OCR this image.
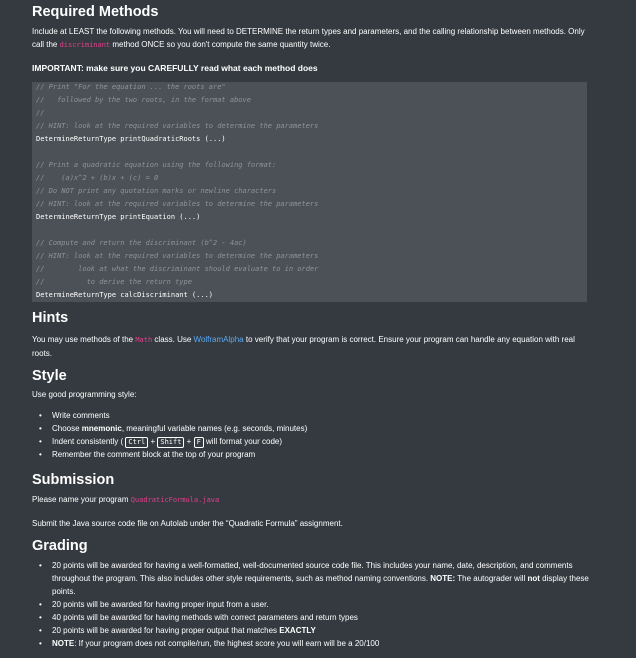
Required Methods

Include at LEAST the following methods. You will need to DETERMINE the return types and parameters, and the calling relationship between methods. Only call the discriminant method ONCE so you don't compute the same quantity twice.

IMPORTANT: make sure you CAREFULLY read what each method does

// Print "For the equation ... the roots are"
//   followed by the two roots, in the format above
//
// HINT: look at the required variables to determine the parameters
DetermineReturnType printQuadraticRoots (...)
// Print a quadratic equation using the following format:
//    (a)x^2 + (b)x + (c) = 0
// Do NOT print any quotation marks or newline characters
// HINT: look at the required variables to determine the parameters
DetermineReturnType printEquation (...)
// Compute and return the discriminant (b^2 - 4ac)
// HINT: look at the required variables to determine the parameters
//        look at what the discriminant should evaluate to in order
//          to derive the return type
DetermineReturnType calcDiscriminant (...)
Hints

You may use methods of the Math class. Use WolframAlpha to verify that your program is correct. Ensure your program can handle any equation with real roots.

Style

Use good programming style:

• Write comments
• Choose mnemonic, meaningful variable names (e.g. seconds, minutes)
• Indent consistently ( Ctrl + Shift + F will format your code)
• Remember the comment block at the top of your program
Submission

Please name your program QuadraticFormula.java

Submit the Java source code file on Autolab under the “Quadratic Formula” assignment.

Grading
• 20 points will be awarded for having a well-formatted, well-documented source code file. This includes your name, date, description, and comments throughout the program. This also includes other style requirements, such as method naming conventions. NOTE: The autograder will not display these points.
• 20 points will be awarded for having proper input from a user.
• 40 points will be awarded for having methods with correct parameters and return types
• 20 points will be awarded for having proper output that matches EXACTLY
• NOTE: If your program does not compile/run, the highest score you will earn will be a 20/100
